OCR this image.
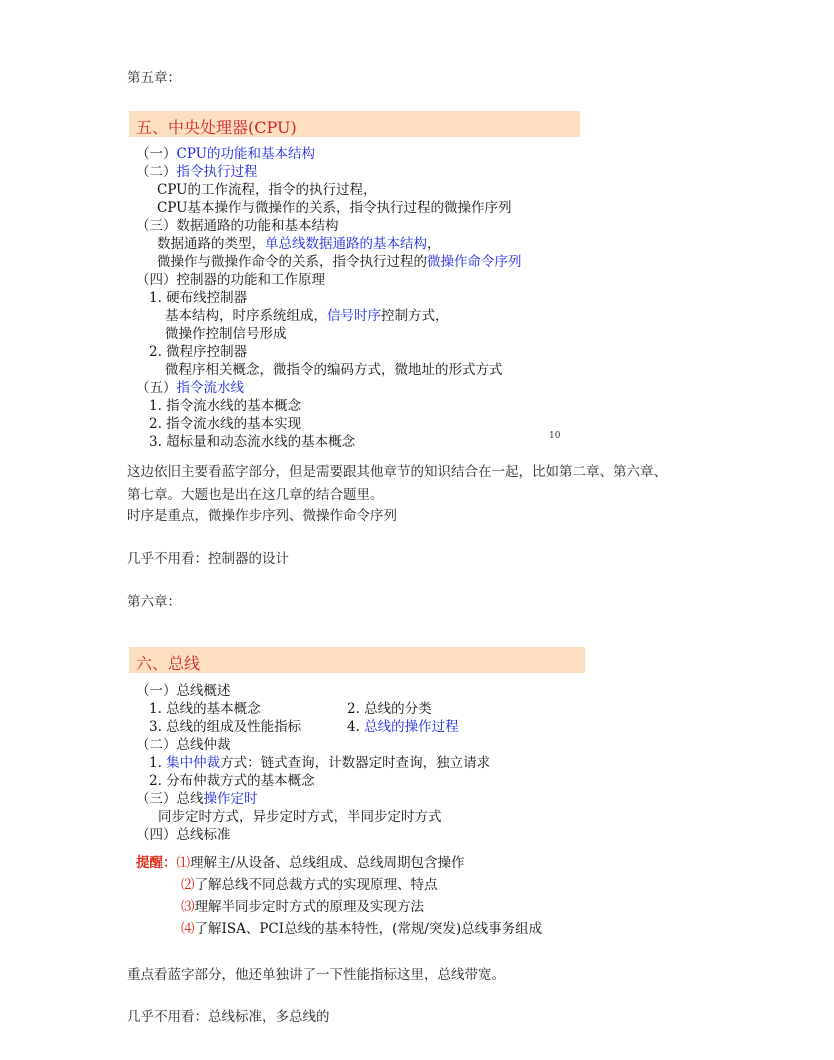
第五章：
五、中央处理器(CPU)
（一）CPU的功能和基本结构
（二）指令执行过程
CPU的工作流程，指令的执行过程，
CPU基本操作与微操作的关系，指令执行过程的微操作序列
（三）数据通路的功能和基本结构
数据通路的类型，单总线数据通路的基本结构，
微操作与微操作命令的关系，指令执行过程的微操作命令序列
（四）控制器的功能和工作原理
1. 硬布线控制器
基本结构，时序系统组成，信号时序控制方式，
微操作控制信号形成
2. 微程序控制器
微程序相关概念，微指令的编码方式，微地址的形式方式
（五）指令流水线
1. 指令流水线的基本概念
2. 指令流水线的基本实现
3. 超标量和动态流水线的基本概念	10
这边依旧主要看蓝字部分，但是需要跟其他章节的知识结合在一起，比如第二章、第六章、
第七章。大题也是出在这几章的结合题里。
时序是重点，微操作步序列、微操作命令序列
几乎不用看：控制器的设计
第六章：
六、总线
（一）总线概述
1. 总线的基本概念	2. 总线的分类
3. 总线的组成及性能指标	4. 总线的操作过程
（二）总线仲裁
1. 集中仲裁方式：链式查询，计数器定时查询，独立请求
2. 分布仲裁方式的基本概念
（三）总线操作定时
同步定时方式，异步定时方式，半同步定时方式
（四）总线标准
提醒：⑴理解主/从设备、总线组成、总线周期包含操作
⑵了解总线不同总裁方式的实现原理、特点
⑶理解半同步定时方式的原理及实现方法
⑷了解ISA、PCI总线的基本特性，(常规/突发)总线事务组成
重点看蓝字部分，他还单独讲了一下性能指标这里，总线带宽。
几乎不用看：总线标准，多总线的
